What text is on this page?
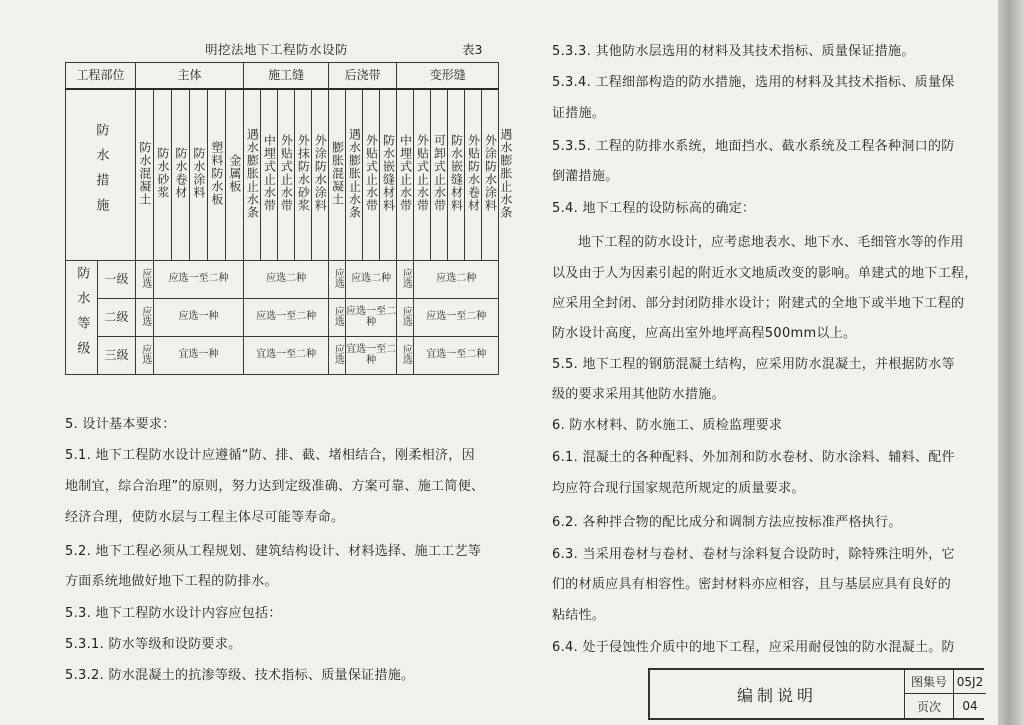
明挖法地下工程防水设防	表3
工程部位		主体						施工缝					后浇带				变形缝						
防水措施		防水混凝土	防水砂浆	防水卷材	防水涂料	塑料防水板	金属板	遇水膨胀止水条	中埋式止水带	外贴式止水带	外抹防水砂浆	外涂防水涂料	膨胀混凝土	遇水膨胀止水条	外贴式止水带	防水嵌缝材料	中埋式止水带	外贴式止水带	可卸式止水带	防水嵌缝材料	外贴防水卷材	外涂防水涂料	遇水膨胀止水条
防水等级	一级	应选	应选一至二种					应选二种					应选	应选二种			应选	应选二种					
	二级	应选	应选一种					应选一至二种					应选	应选一至二种			应选	应选一至二种					
	三级	应选	宜选一种					宜选一至二种					应选	宜选一至二种			应选	宜选一至二种					
5. 设计基本要求：
5.1. 地下工程防水设计应遵循“防、排、截、堵相结合，刚柔相济，因
地制宜，综合治理”的原则，努力达到定级准确、方案可靠、施工简便、
经济合理，使防水层与工程主体尽可能等寿命。
5.2. 地下工程必须从工程规划、建筑结构设计、材料选择、施工工艺等
方面系统地做好地下工程的防排水。
5.3. 地下工程防水设计内容应包括：
5.3.1. 防水等级和设防要求。
5.3.2. 防水混凝土的抗渗等级、技术指标、质量保证措施。
5.3.3. 其他防水层选用的材料及其技术指标、质量保证措施。
5.3.4. 工程细部构造的防水措施，选用的材料及其技术指标、质量保
证措施。
5.3.5. 工程的防排水系统，地面挡水、截水系统及工程各种洞口的防
倒灌措施。
5.4. 地下工程的设防标高的确定：
地下工程的防水设计，应考虑地表水、地下水、毛细管水等的作用
以及由于人为因素引起的附近水文地质改变的影响。单建式的地下工程，
应采用全封闭、部分封闭防排水设计；附建式的全地下或半地下工程的
防水设计高度，应高出室外地坪高程500mm以上。
5.5. 地下工程的钢筋混凝土结构，应采用防水混凝土，并根据防水等
级的要求采用其他防水措施。
6. 防水材料、防水施工、质检监理要求
6.1. 混凝土的各种配料、外加剂和防水卷材、防水涂料、辅料、配件
均应符合现行国家规范所规定的质量要求。
6.2. 各种拌合物的配比成分和调制方法应按标准严格执行。
6.3. 当采用卷材与卷材、卷材与涂料复合设防时，除特殊注明外，它
们的材质应具有相容性。密封材料亦应相容，且与基层应具有良好的
粘结性。
6.4. 处于侵蚀性介质中的地下工程，应采用耐侵蚀的防水混凝土。防
编制说明
图集号 05J2
页次	04
